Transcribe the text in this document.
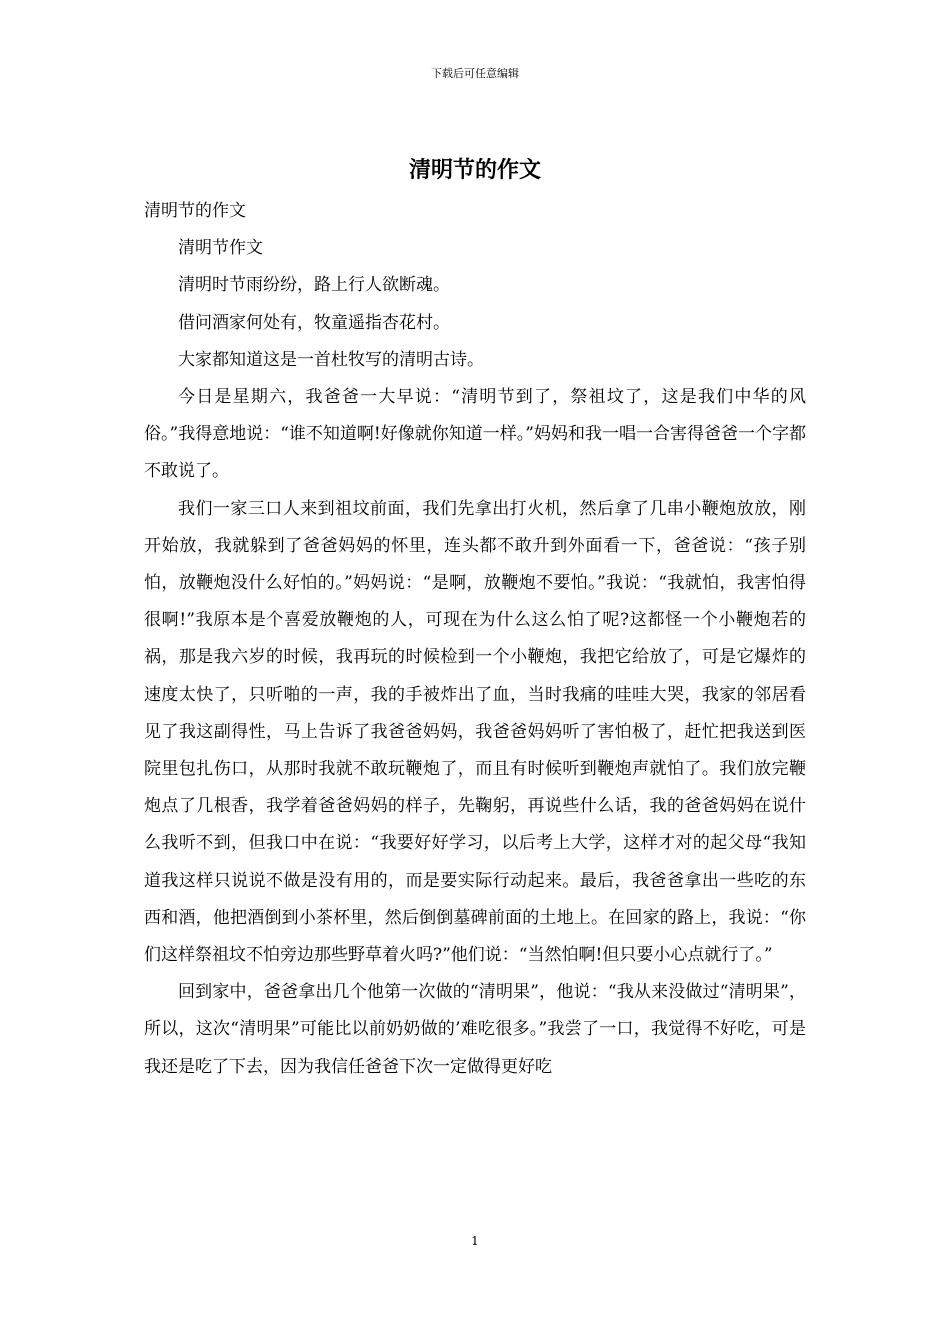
下载后可任意编辑
清明节的作文

清明节的作文

清明节作文

清明时节雨纷纷，路上行人欲断魂。

借问酒家何处有，牧童遥指杏花村。

大家都知道这是一首杜牧写的清明古诗。

今日是星期六，我爸爸一大早说：“清明节到了，祭祖坟了，这是我们中华的风俗。”我得意地说：“谁不知道啊!好像就你知道一样。”妈妈和我一唱一合害得爸爸一个字都不敢说了。

我们一家三口人来到祖坟前面，我们先拿出打火机，然后拿了几串小鞭炮放放，刚开始放，我就躲到了爸爸妈妈的怀里，连头都不敢升到外面看一下，爸爸说：“孩子别怕，放鞭炮没什么好怕的。”妈妈说：“是啊，放鞭炮不要怕。”我说：“我就怕，我害怕得很啊!”我原本是个喜爱放鞭炮的人，可现在为什么这么怕了呢?这都怪一个小鞭炮若的祸，那是我六岁的时候，我再玩的时候检到一个小鞭炮，我把它给放了，可是它爆炸的速度太快了，只听啪的一声，我的手被炸出了血，当时我痛的哇哇大哭，我家的邻居看见了我这副得性，马上告诉了我爸爸妈妈，我爸爸妈妈听了害怕极了，赶忙把我送到医院里包扎伤口，从那时我就不敢玩鞭炮了，而且有时候听到鞭炮声就怕了。我们放完鞭炮点了几根香，我学着爸爸妈妈的样子，先鞠躬，再说些什么话，我的爸爸妈妈在说什么我听不到，但我口中在说：“我要好好学习，以后考上大学，这样才对的起父母“我知道我这样只说说不做是没有用的，而是要实际行动起来。最后，我爸爸拿出一些吃的东西和酒，他把酒倒到小茶杯里，然后倒倒墓碑前面的土地上。在回家的路上，我说：“你们这样祭祖坟不怕旁边那些野草着火吗?”他们说：“当然怕啊!但只要小心点就行了。”

回到家中，爸爸拿出几个他第一次做的“清明果”，他说：“我从来没做过“清明果”，所以，这次“清明果”可能比以前奶奶做的’难吃很多。”我尝了一口，我觉得不好吃，可是我还是吃了下去，因为我信任爸爸下次一定做得更好吃

1
